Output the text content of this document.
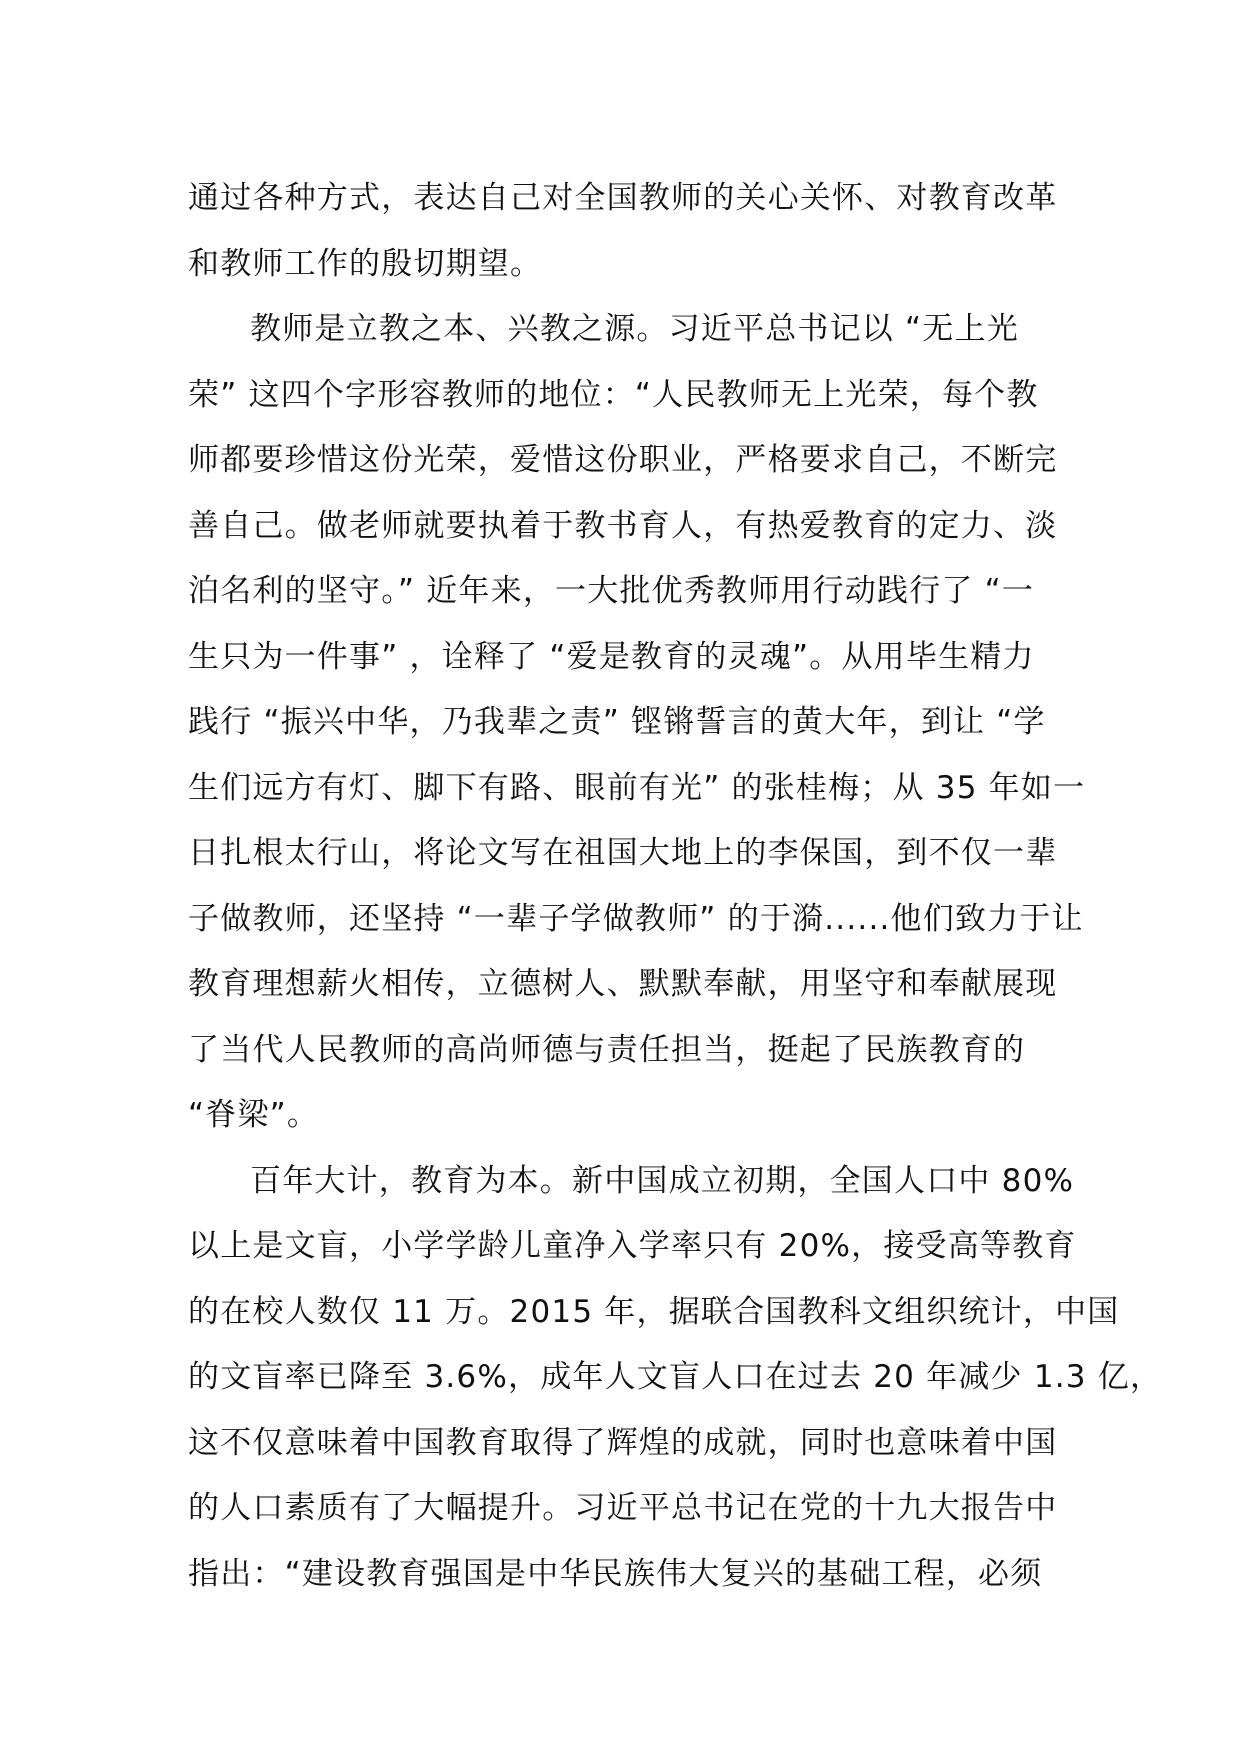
通过各种方式，表达自己对全国教师的关心关怀、对教育改革
和教师工作的殷切期望。
教师是立教之本、兴教之源。习近平总书记以 “无上光
荣” 这四个字形容教师的地位：“人民教师无上光荣，每个教
师都要珍惜这份光荣，爱惜这份职业，严格要求自己，不断完
善自己。做老师就要执着于教书育人，有热爱教育的定力、淡
泊名利的坚守。” 近年来，一大批优秀教师用行动践行了 “一
生只为一件事” ，诠释了 “爱是教育的灵魂”。从用毕生精力
践行 “振兴中华，乃我辈之责” 铿锵誓言的黄大年，到让 “学
生们远方有灯、脚下有路、眼前有光” 的张桂梅；从 35 年如一
日扎根太行山，将论文写在祖国大地上的李保国，到不仅一辈
子做教师，还坚持 “一辈子学做教师” 的于漪......他们致力于让
教育理想薪火相传，立德树人、默默奉献，用坚守和奉献展现
了当代人民教师的高尚师德与责任担当，挺起了民族教育的
“脊梁”。
百年大计，教育为本。新中国成立初期，全国人口中 80%
以上是文盲，小学学龄儿童净入学率只有 20%，接受高等教育
的在校人数仅 11 万。2015 年，据联合国教科文组织统计，中国
的文盲率已降至 3.6%，成年人文盲人口在过去 20 年减少 1.3 亿，
这不仅意味着中国教育取得了辉煌的成就，同时也意味着中国
的人口素质有了大幅提升。习近平总书记在党的十九大报告中
指出：“建设教育强国是中华民族伟大复兴的基础工程，必须
